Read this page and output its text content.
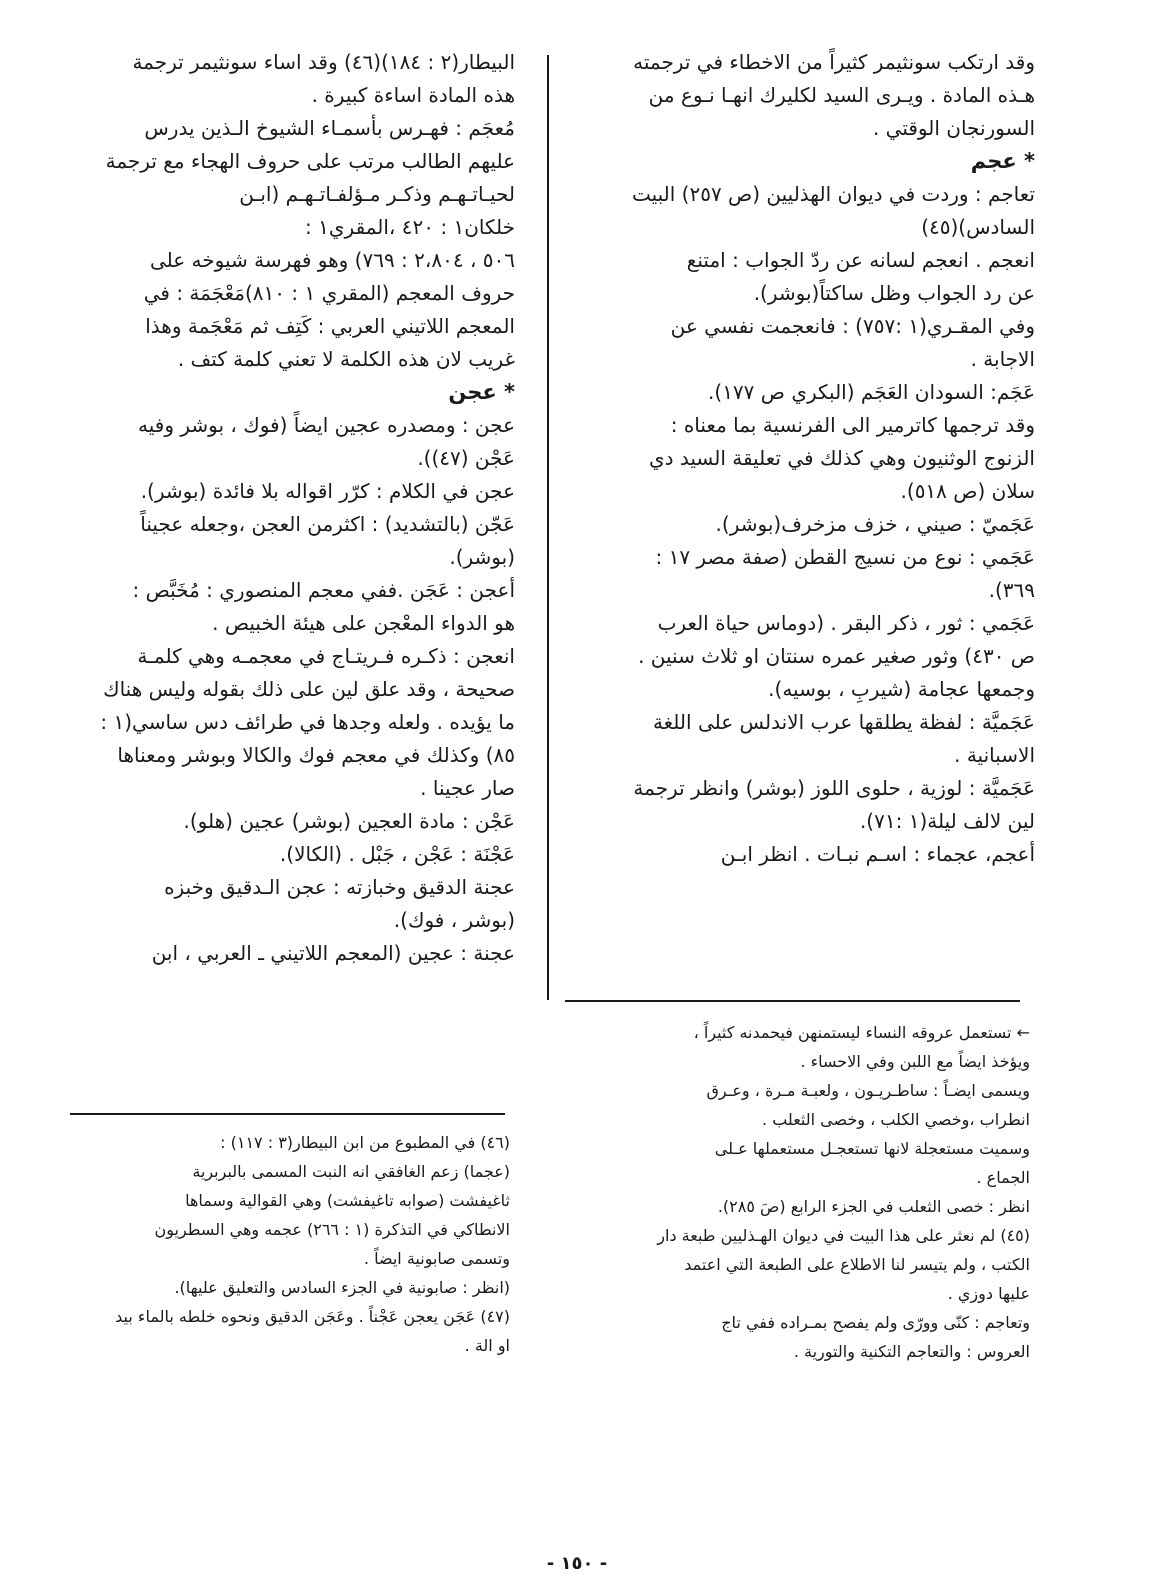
وقد ارتكب سونثيمر كثيراً من الاخطاء في ترجمته
هـذه المادة . ويـرى السيد لكليرك انهـا نـوع من
السورنجان الوقتي .
* عجم
تعاجم : وردت في ديوان الهذليين (ص ٢٥٧) البيت
السادس)(٤٥)
انعجم . انعجم لسانه عن ردّ الجواب : امتنع
عن رد الجواب وظل ساكتاً(بوشر).
وفي المقـري(١ :٧٥٧) : فانعجمت نفسي عن
الاجابة .
عَجَم: السودان العَجَم (البكري ص ١٧٧).
وقد ترجمها كاترمير الى الفرنسية بما معناه :
الزنوج الوثنيون وهي كذلك في تعليقة السيد دي
سلان (ص ٥١٨).
عَجَميّ : صيني ، خزف مزخرف(بوشر).
عَجَمي : نوع من نسيج القطن (صفة مصر ١٧ :
٣٦٩).
عَجَمي : ثور ، ذكر البقر . (دوماس حياة العرب
ص ٤٣٠) وثور صغير عمره سنتان او ثلاث سنين .
وجمعها عجامة (شيربِ ، بوسيه).
عَجَميَّة : لفظة يطلقها عرب الاندلس على اللغة
الاسبانية .
عَجَميَّة : لوزية ، حلوى اللوز (بوشر) وانظر ترجمة
لين لالف ليلة(١ :٧١).
أعجم، عجماء : اسـم نبـات . انظر ابـن
البيطار(٢ : ١٨٤)(٤٦) وقد اساء سونثيمر ترجمة
هذه المادة اساءة كبيرة .
مُعجَم : فهـرس بأسمـاء الشيوخ الـذين يدرس
عليهم الطالب مرتب على حروف الهجاء مع ترجمة
لحيـاتـهـم وذكـر مـؤلفـاتـهـم (ابـن
خلكان١ : ٤٢٠ ،المقري١ :
٥٠٦ ، ٢،٨٠٤ : ٧٦٩) وهو فهرسة شيوخه على
حروف المعجم (المقري ١ : ٨١٠)مَعْجَمَة : في
المعجم اللاتيني العربي : كَتِف ثم مَعْجَمة وهذا
غريب لان هذه الكلمة لا تعني كلمة كتف .
* عجن
عجن : ومصدره عجين ايضاً (فوك ، بوشر وفيه
عَجْن (٤٧)).
عجن في الكلام : كرّر اقواله بلا فائدة (بوشر).
عَجّن (بالتشديد) : اكثرمن العجن ،وجعله عجيناً
(بوشر).
أعجن : عَجَن .ففي معجم المنصوري : مُخَبَّص :
هو الدواء المعْجن على هيئة الخبيص .
انعجن : ذكـره فـريتـاج في معجمـه وهي كلمـة
صحيحة ، وقد علق لين على ذلك بقوله وليس هناك
ما يؤيده . ولعله وجدها في طرائف دس ساسي(١ :
٨٥) وكذلك في معجم فوك والكالا وبوشر ومعناها
صار عجينا .
عَجْن : مادة العجين (بوشر) عجين (هلو).
عَجْنَة : عَجْن ، جَبْل . (الكالا).
عجنة الدقيق وخبازته : عجن الـدقيق وخبزه
(بوشر ، فوك).
عجنة : عجين (المعجم اللاتيني ـ العربي ، ابن
← تستعمل عروقه النساء ليستمنهن فيحمدنه كثيراً ،
ويؤخذ ايضاً مع اللبن وفي الاحساء .
ويسمى ايضـاً : ساطـريـون ، ولعبـة مـرة ، وعـرق
انطراب ،وخصي الكلب ، وخصى الثعلب .
وسميت مستعجلة لانها تستعجـل مستعملها عـلى
الجماع .
انظر : خصى الثعلب في الجزء الرابع (صَ ٢٨٥).
(٤٥) لم نعثر على هذا البيت في ديوان الهـذليين طبعة دار
الكتب ، ولم يتيسر لنا الاطلاع على الطبعة التي اعتمد
عليها دوزي .
وتعاجم : كنّى وورّى ولم يفصح بمـراده ففي تاج
العروس : والتعاجم التكنية والتورية .
(٤٦) في المطبوع من ابن البيطار(٣ : ١١٧) :
(عجما) زعم الغافقي انه النبت المسمى بالبربرية
ثاغيفشت (صوابه تاغيفشت) وهي القوالية وسماها
الانطاكي في التذكرة (١ : ٢٦٦) عجمه وهي السطريون
وتسمى صابونية ايضاً .
(انظر : صابونية في الجزء السادس والتعليق عليها).
(٤٧) عَجَن يعجن عَجْناً . وعَجَن الدقيق ونحوه خلطه بالماء بيد
او الة .
- ١٥٠ -
